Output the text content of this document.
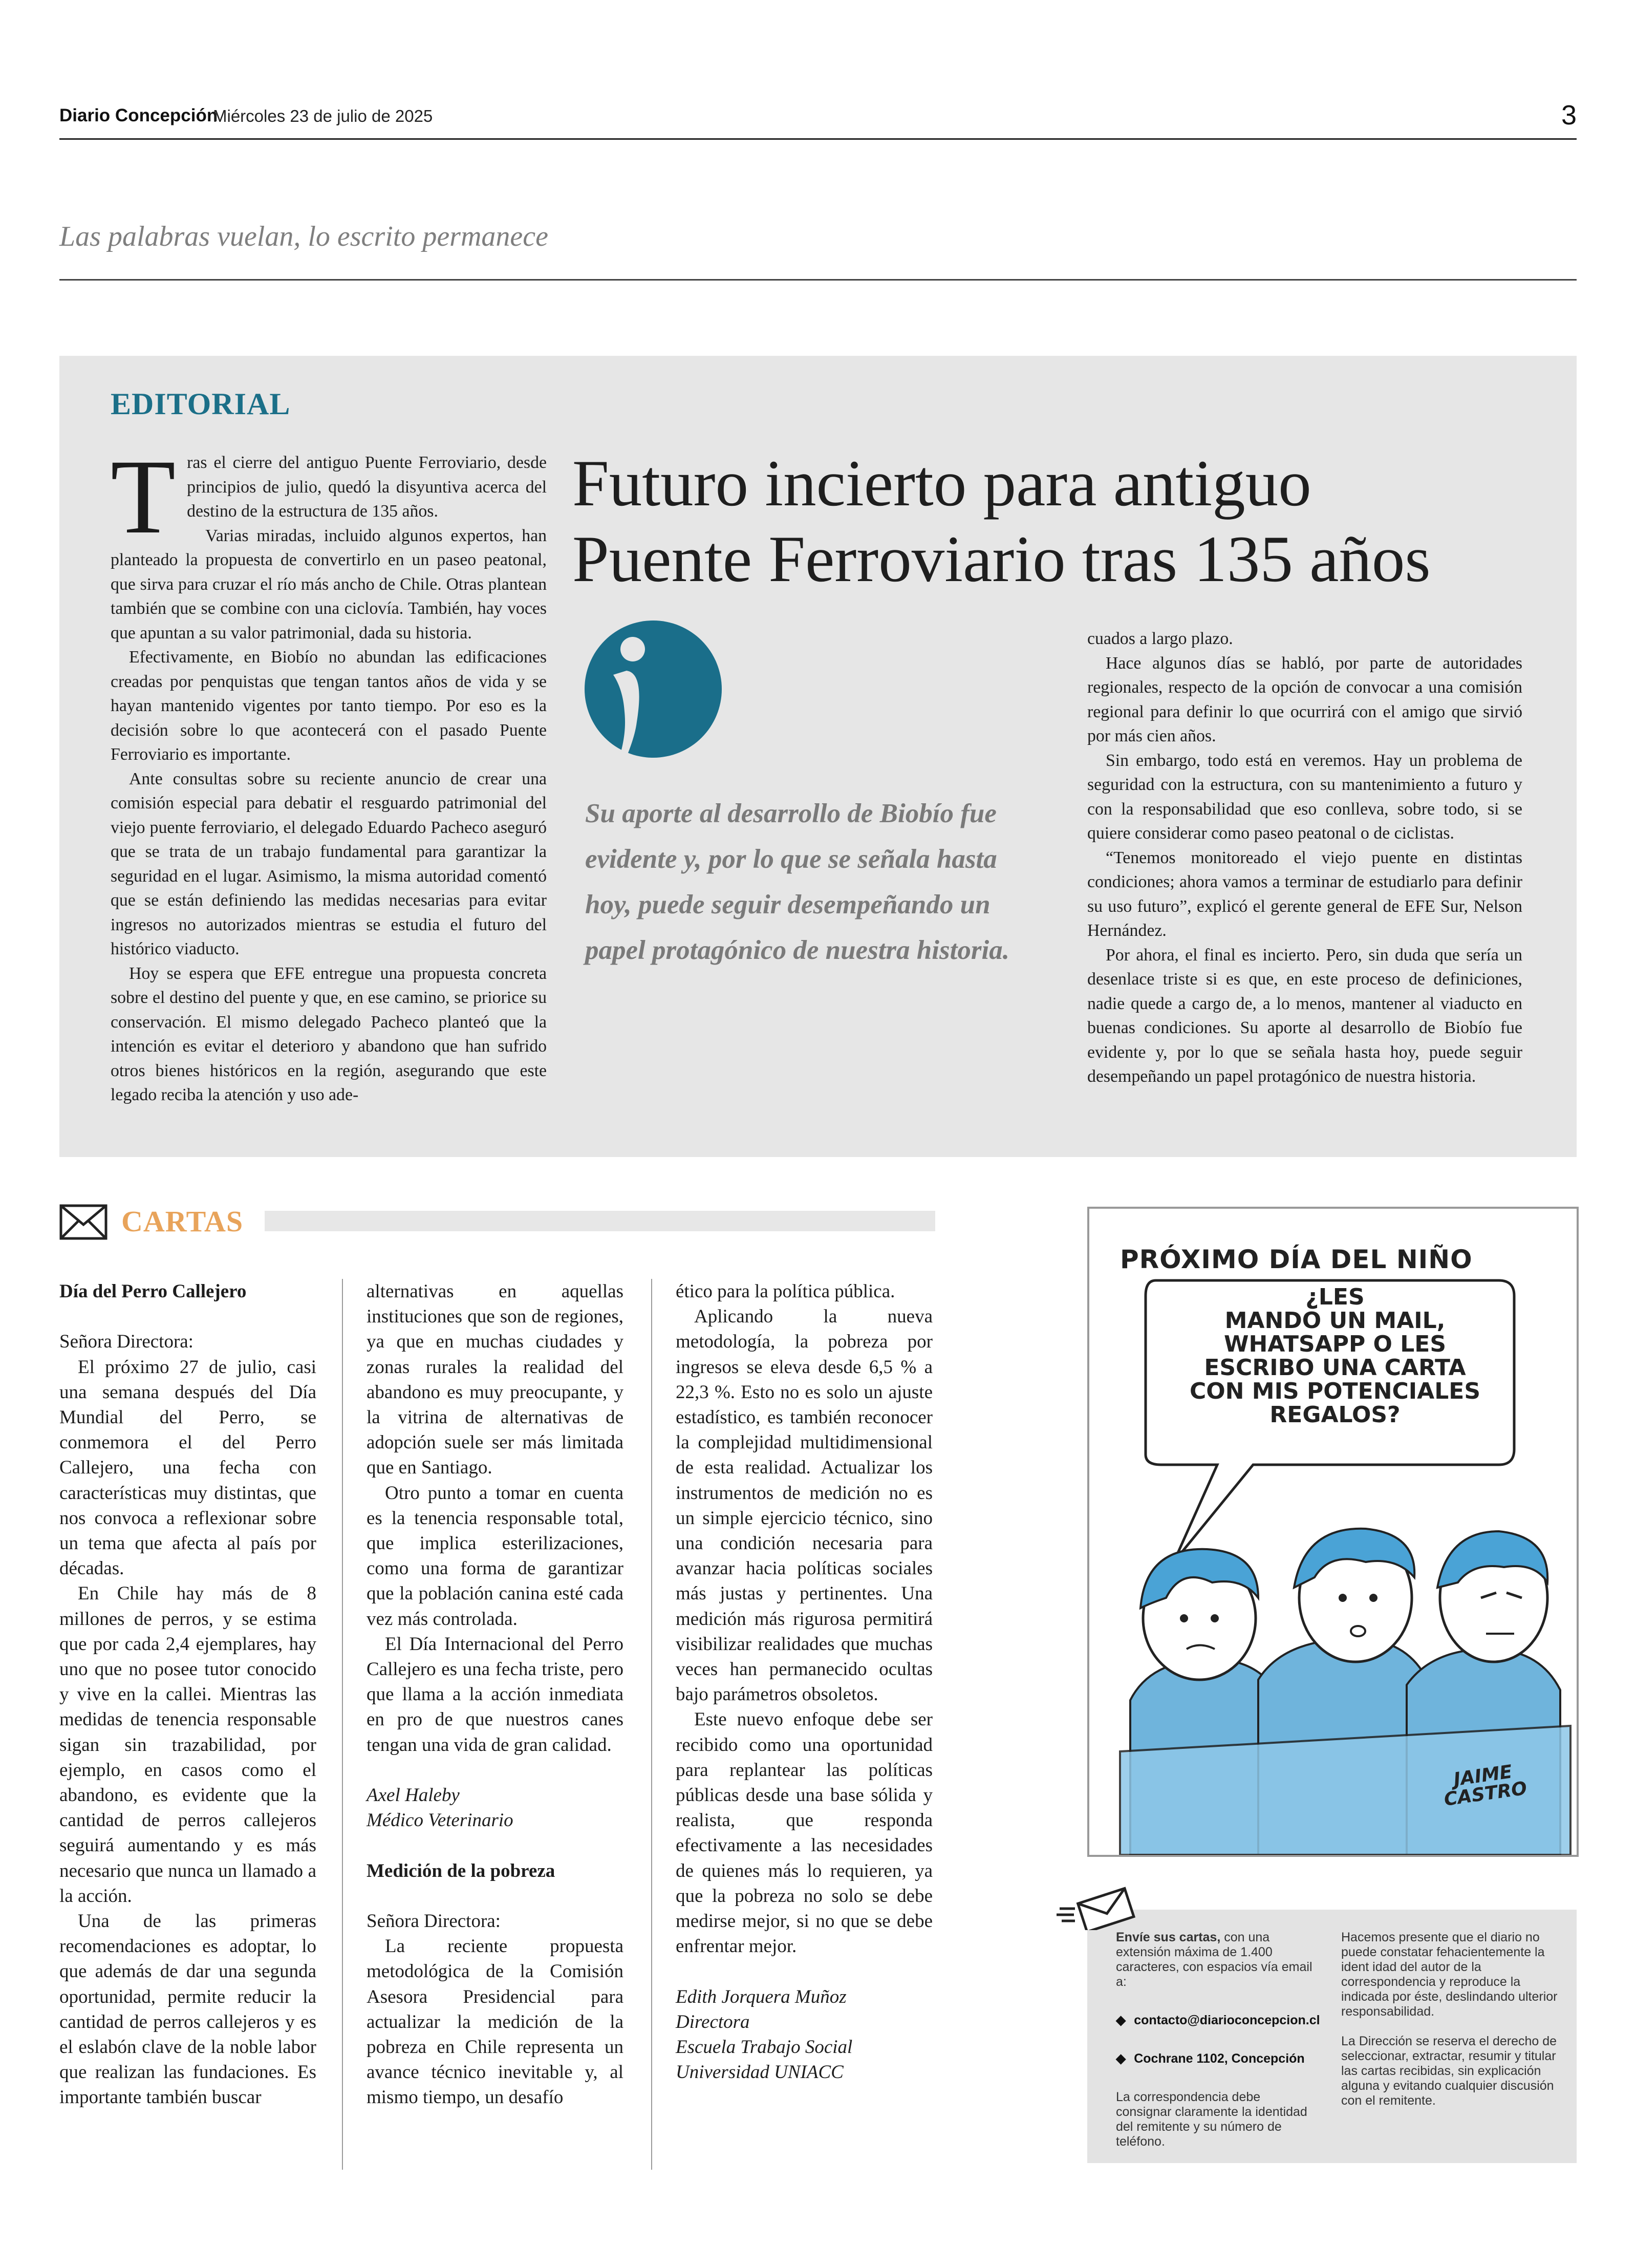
Diario Concepción
Miércoles 23 de julio de 2025	3
Las palabras vuelan, lo escrito permanece
EDITORIAL

Tras el cierre del antiguo Puente Ferroviario, desde principios de julio, quedó la disyuntiva acerca del destino de la estructura de 135 años.

Varias miradas, incluido algunos expertos, han planteado la propuesta de convertirlo en un paseo peatonal, que sirva para cruzar el río más ancho de Chile. Otras plantean también que se combine con una ciclovía. También, hay voces que apuntan a su valor patrimonial, dada su historia.

Efectivamente, en Biobío no abundan las edificaciones creadas por penquistas que tengan tantos años de vida y se hayan mantenido vigentes por tanto tiempo. Por eso es la decisión sobre lo que acontecerá con el pasado Puente Ferroviario es importante.

Ante consultas sobre su reciente anuncio de crear una comisión especial para debatir el resguardo patrimonial del viejo puente ferroviario, el delegado Eduardo Pacheco aseguró que se trata de un trabajo fundamental para garantizar la seguridad en el lugar. Asimismo, la misma autoridad comentó que se están definiendo las medidas necesarias para evitar ingresos no autorizados mientras se estudia el futuro del histórico viaducto.

Hoy se espera que EFE entregue una propuesta concreta sobre el destino del puente y que, en ese camino, se priorice su conservación. El mismo delegado Pacheco planteó que la intención es evitar el deterioro y abandono que han sufrido otros bienes históricos en la región, asegurando que este legado reciba la atención y uso ade-

Futuro incierto para antiguo
Puente Ferroviario tras 135 años
Su aporte al desarrollo de Biobío fue evidente y, por lo que se señala hasta hoy, puede seguir desempeñando un papel protagónico de nuestra historia.

cuados a largo plazo.

Hace algunos días se habló, por parte de autoridades regionales, respecto de la opción de convocar a una comisión regional para definir lo que ocurrirá con el amigo que sirvió por más cien años.

Sin embargo, todo está en veremos. Hay un problema de seguridad con la estructura, con su mantenimiento a futuro y con la responsabilidad que eso conlleva, sobre todo, si se quiere considerar como paseo peatonal o de ciclistas.

“Tenemos monitoreado el viejo puente en distintas condiciones; ahora vamos a terminar de estudiarlo para definir su uso futuro”, explicó el gerente general de EFE Sur, Nelson Hernández.

Por ahora, el final es incierto. Pero, sin duda que sería un desenlace triste si es que, en este proceso de definiciones, nadie quede a cargo de, a lo menos, mantener al viaducto en buenas condiciones. Su aporte al desarrollo de Biobío fue evidente y, por lo que se señala hasta hoy, puede seguir desempeñando un papel protagónico de nuestra historia.

CARTAS

Día del Perro Callejero

Señora Directora:

El próximo 27 de julio, casi una semana después del Día Mundial del Perro, se conmemora el del Perro Callejero, una fecha con características muy distintas, que nos convoca a reflexionar sobre un tema que afecta al país por décadas.

En Chile hay más de 8 millones de perros, y se estima que por cada 2,4 ejemplares, hay uno que no posee tutor conocido y vive en la callei. Mientras las medidas de tenencia responsable sigan sin trazabilidad, por ejemplo, en casos como el abandono, es evidente que la cantidad de perros callejeros seguirá aumentando y es más necesario que nunca un llamado a la acción.

Una de las primeras recomendaciones es adoptar, lo que además de dar una segunda oportunidad, permite reducir la cantidad de perros callejeros y es el eslabón clave de la noble labor que realizan las fundaciones. Es importante también buscar

alternativas en aquellas instituciones que son de regiones, ya que en muchas ciudades y zonas rurales la realidad del abandono es muy preocupante, y la vitrina de alternativas de adopción suele ser más limitada que en Santiago.

Otro punto a tomar en cuenta es la tenencia responsable total, que implica esterilizaciones, como una forma de garantizar que la población canina esté cada vez más controlada.

El Día Internacional del Perro Callejero es una fecha triste, pero que llama a la acción inmediata en pro de que nuestros canes tengan una vida de gran calidad.

Axel Haleby

Médico Veterinario

Medición de la pobreza

Señora Directora:

La reciente propuesta metodológica de la Comisión Asesora Presidencial para actualizar la medición de la pobreza en Chile representa un avance técnico inevitable y, al mismo tiempo, un desafío

ético para la política pública.

Aplicando la nueva metodología, la pobreza por ingresos se eleva desde 6,5 % a 22,3 %. Esto no es solo un ajuste estadístico, es también reconocer la complejidad multidimensional de esta realidad. Actualizar los instrumentos de medición no es un simple ejercicio técnico, sino una condición necesaria para avanzar hacia políticas sociales más justas y pertinentes. Una medición más rigurosa permitirá visibilizar realidades que muchas veces han permanecido ocultas bajo parámetros obsoletos.

Este nuevo enfoque debe ser recibido como una oportunidad para replantear las políticas públicas desde una base sólida y realista, que responda efectivamente a las necesidades de quienes más lo requieren, ya que la pobreza no solo se debe medirse mejor, si no que se debe enfrentar mejor.

Edith Jorquera Muñoz

Directora

Escuela Trabajo Social

Universidad UNIACC

PRÓXIMO DÍA DEL NIÑO
¿LES
MANDO UN MAIL,
WHATSAPP O LES
ESCRIBO UNA CARTA
CON MIS POTENCIALES
REGALOS?
JAIME
CASTRO

Envíe sus cartas, con una extensión máxima de 1.400 caracteres, con espacios vía email a:

◆ contacto@diarioconcepcion.cl

◆ Cochrane 1102, Concepción

La correspondencia debe consignar claramente la identidad del remitente y su número de teléfono.

Hacemos presente que el diario no puede constatar fehacientemente la ident idad del autor de la correspondencia y reproduce la indicada por éste, deslindando ulterior responsabilidad.

La Dirección se reserva el derecho de seleccionar, extractar, resumir y titular las cartas recibidas, sin explicación alguna y evitando cualquier discusión con el remitente.
